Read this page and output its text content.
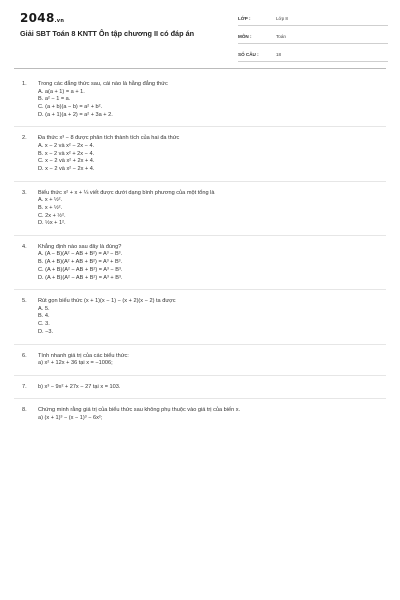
2048.vn
Giải SBT Toán 8 KNTT Ôn tập chương II có đáp án
LỚP :	Lớp 8
MÔN :	Toán
SỐ CÂU :	18
1.	Trong các đẳng thức sau, cái nào là hằng đẳng thức
A. a(a + 1) = a + 1.
B. a² − 1 = a.
C. (a + b)(a − b) = a² + b².
D. (a + 1)(a + 2) = a² + 3a + 2.
2.	Đa thức x³ − 8 được phân tích thành tích của hai đa thức
A. x − 2 và x² − 2x − 4.
B. x − 2 và x² + 2x − 4.
C. x − 2 và x² + 2x + 4.
D. x − 2 và x² − 2x + 4.
3.	Biểu thức x² + x + ¼ viết được dưới dạng bình phương của một tổng là
A. x + ½².
B. x + ½².
C. 2x + ½².
D. ½x + 1².
4.	Khẳng định nào sau đây là đúng?
A. (A − B)(A² − AB + B²) = A³ − B³.
B. (A + B)(A² + AB + B²) = A³ + B³.
C. (A + B)(A² − AB + B²) = A³ − B³.
D. (A + B)(A² − AB + B²) = A³ + B³.
5.	Rút gọn biểu thức (x + 1)(x − 1) − (x + 2)(x − 2) ta được
A. 5.
B. 4.
C. 3.
D. −3.
6.	Tính nhanh giá trị của các biểu thức:
a) x² + 12x + 36 tại x = −1006;
7.	b) x³ − 9x² + 27x − 27 tại x = 103.
8.	Chứng minh rằng giá trị của biểu thức sau không phụ thuộc vào giá trị của biến x.
a) (x + 1)³ − (x − 1)³ − 6x²;
